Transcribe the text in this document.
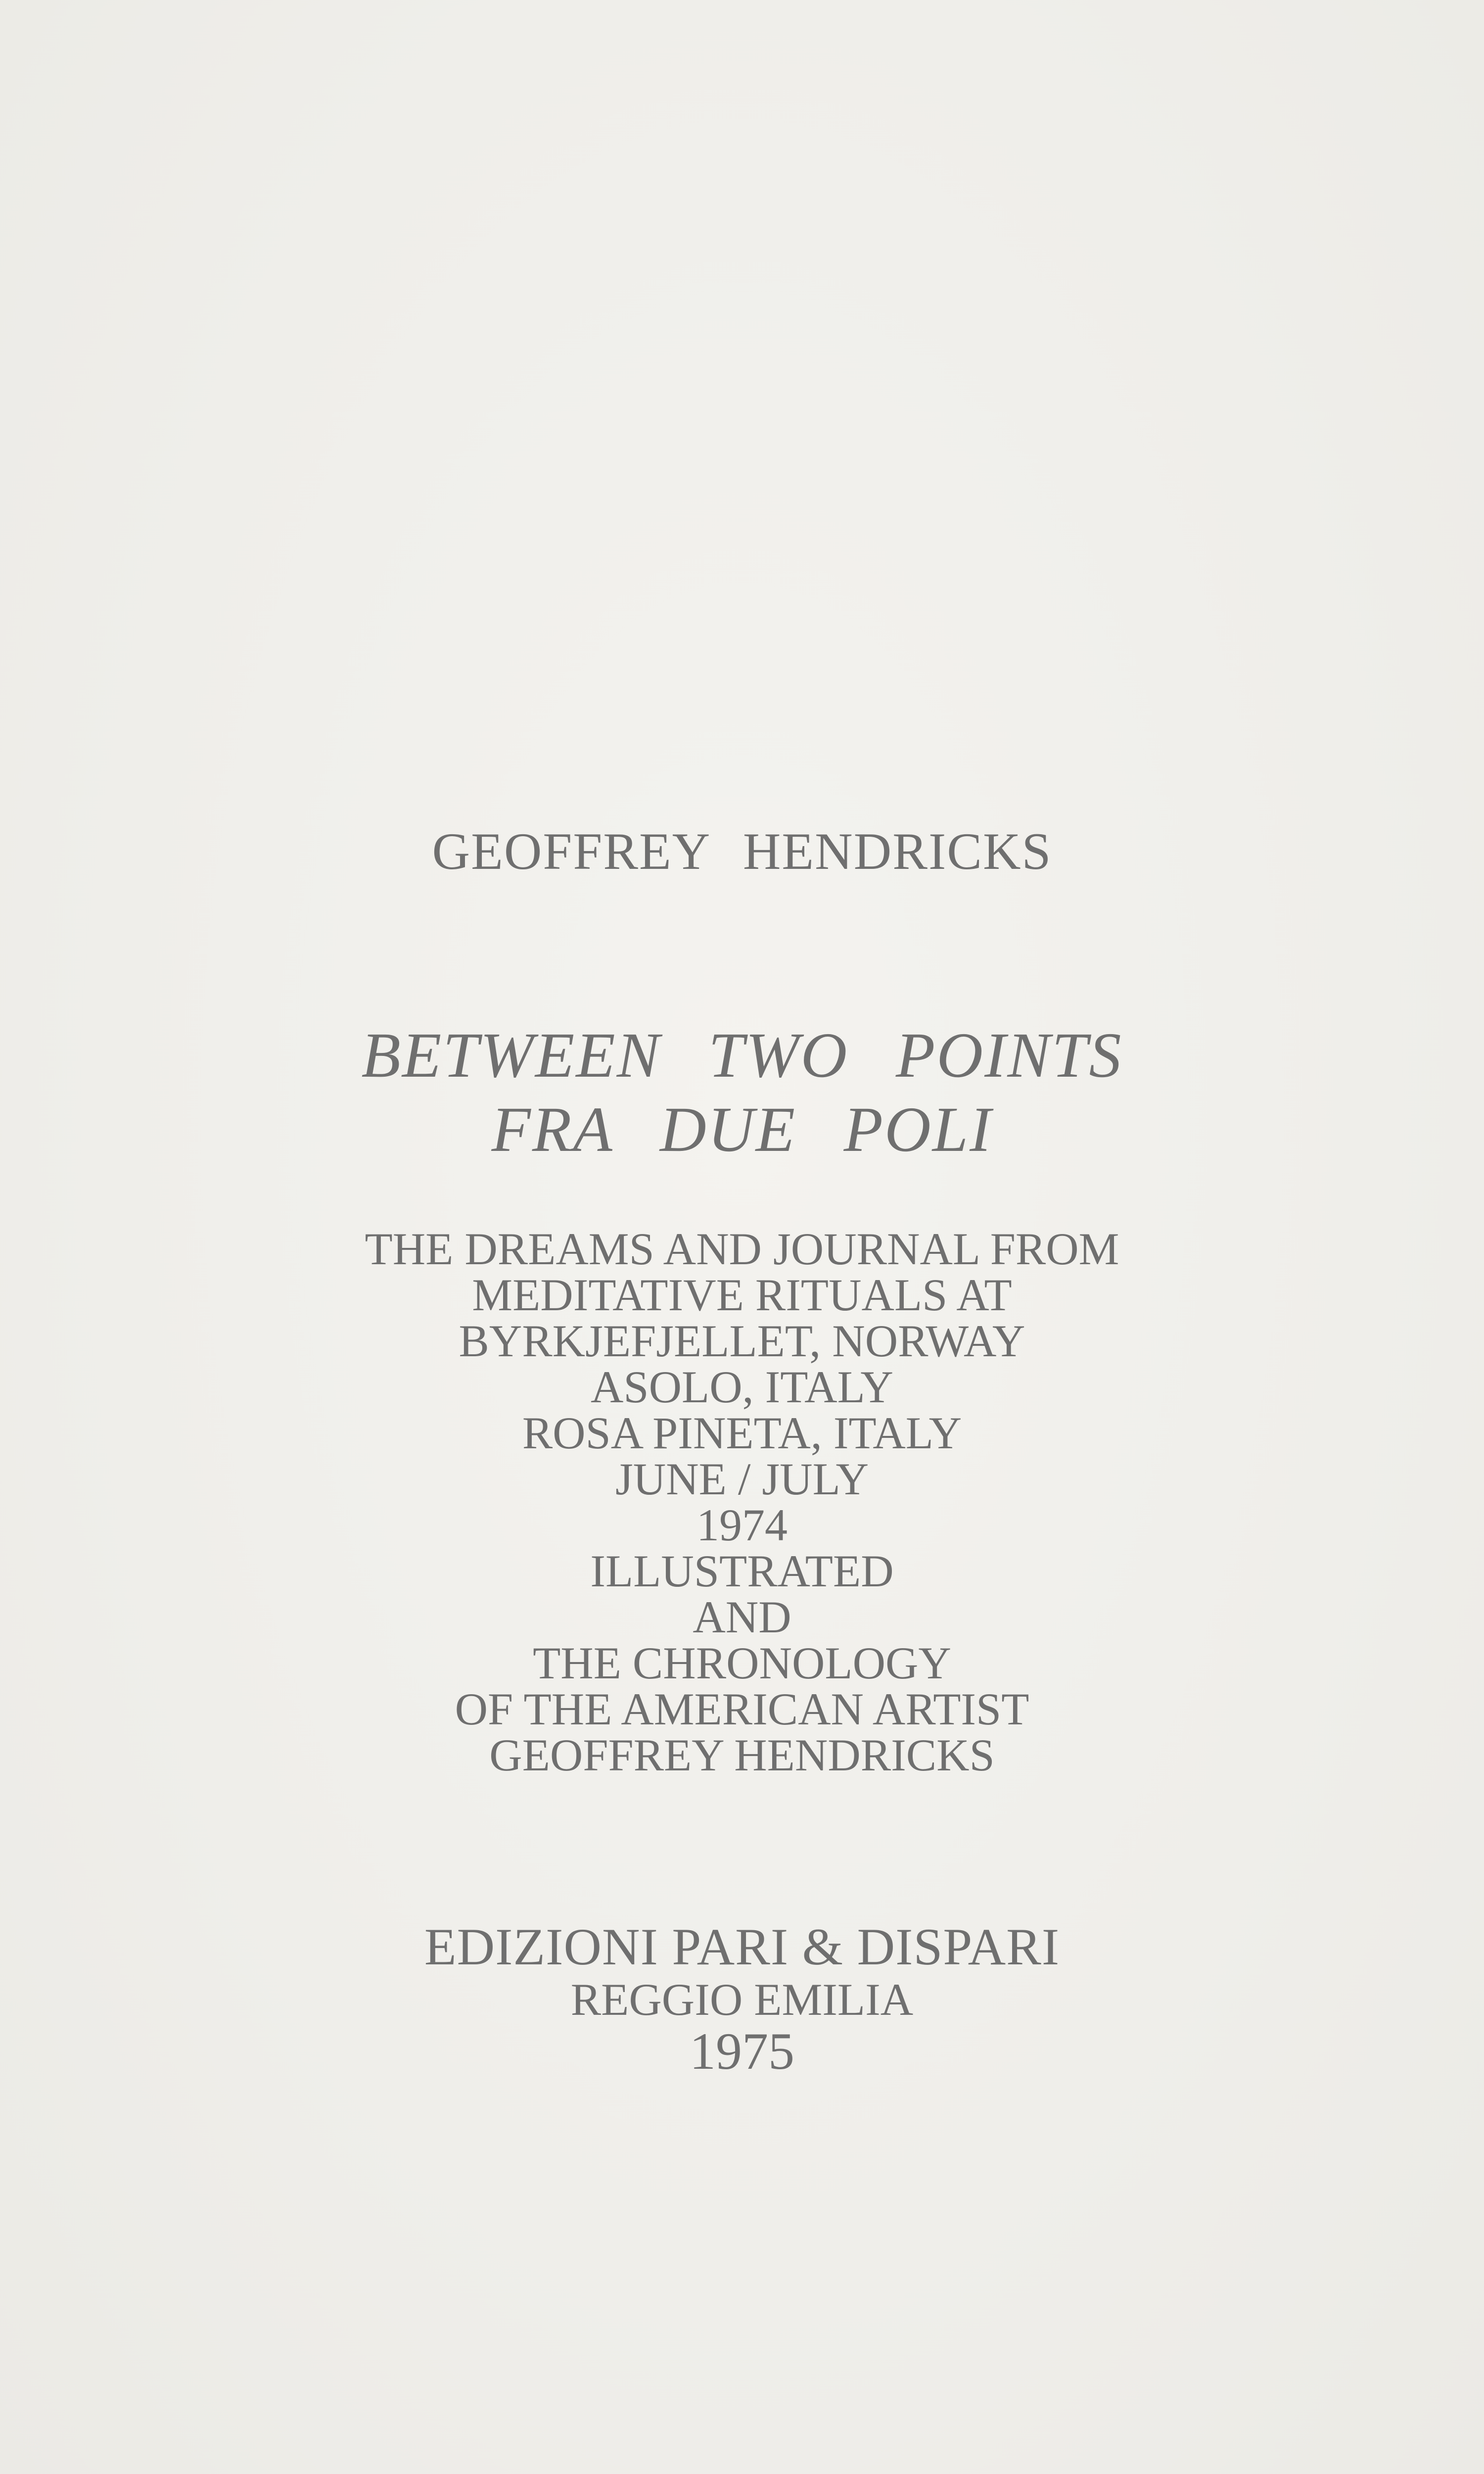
GEOFFREY HENDRICKS
BETWEEN TWO POINTS
FRA DUE POLI
THE DREAMS AND JOURNAL FROM
MEDITATIVE RITUALS AT
BYRKJEFJELLET, NORWAY
ASOLO, ITALY
ROSA PINETA, ITALY
JUNE / JULY
1974
ILLUSTRATED
AND
THE CHRONOLOGY
OF THE AMERICAN ARTIST
GEOFFREY HENDRICKS

EDIZIONI PARI & DISPARI

REGGIO EMILIA

1975
